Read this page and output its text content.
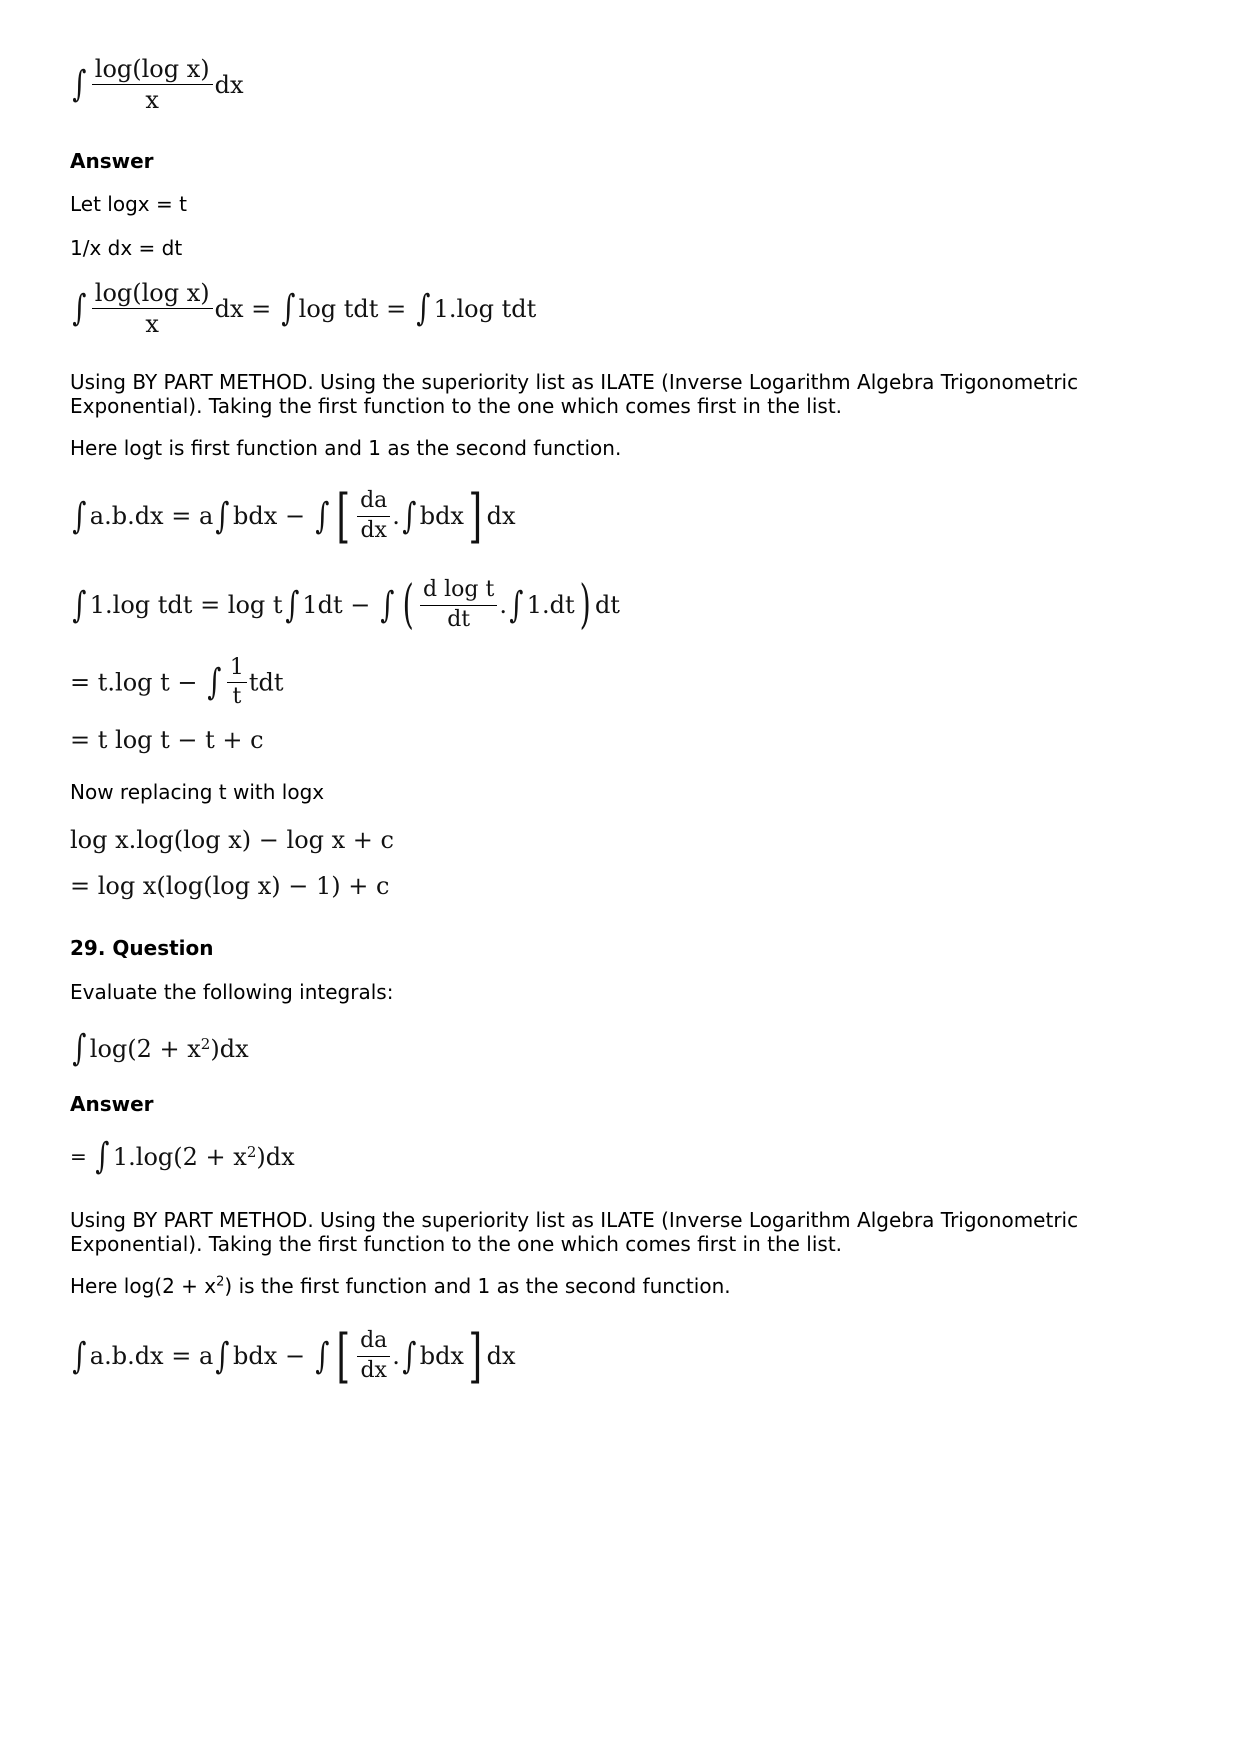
∫ $\frac{\text{log(log x)}}{x}$ dx
Answer
Let logx = t
1/x dx = dt
∫ $\frac{\text{log(log x)}}{x}$ dx = ∫ log tdt = ∫ 1.log tdt
Using BY PART METHOD. Using the superiority list as ILATE (Inverse Logarithm Algebra Trigonometric Exponential). Taking the first function to the one which comes first in the list.
Here logt is first function and 1 as the second function.
∫ a.b.dx = a∫ bdx − ∫ [ $\frac{da}{dx}$ .∫ bdx] dx
∫ 1.log tdt = log t∫ 1dt − ∫ ( $\frac{\text{d log t}}{dt}$ .∫ 1.dt) dt
= t.log t − ∫ $\frac{1}{t}$ tdt
= t log t − t + c
Now replacing t with logx
log x.log(log x) − log x + c
= log x(log(log x) − 1) + c
29. Question
Evaluate the following integrals:
∫ $\log(2 + x^2)dx$
Answer
= ∫ $1.\log(2 + x^2)dx$
Using BY PART METHOD. Using the superiority list as ILATE (Inverse Logarithm Algebra Trigonometric Exponential). Taking the first function to the one which comes first in the list.
Here $\log(2 + x^2)$ is the first function and 1 as the second function.
∫ a.b.dx = a∫ bdx − ∫ [ $\frac{da}{dx}$ .∫ bdx] dx
